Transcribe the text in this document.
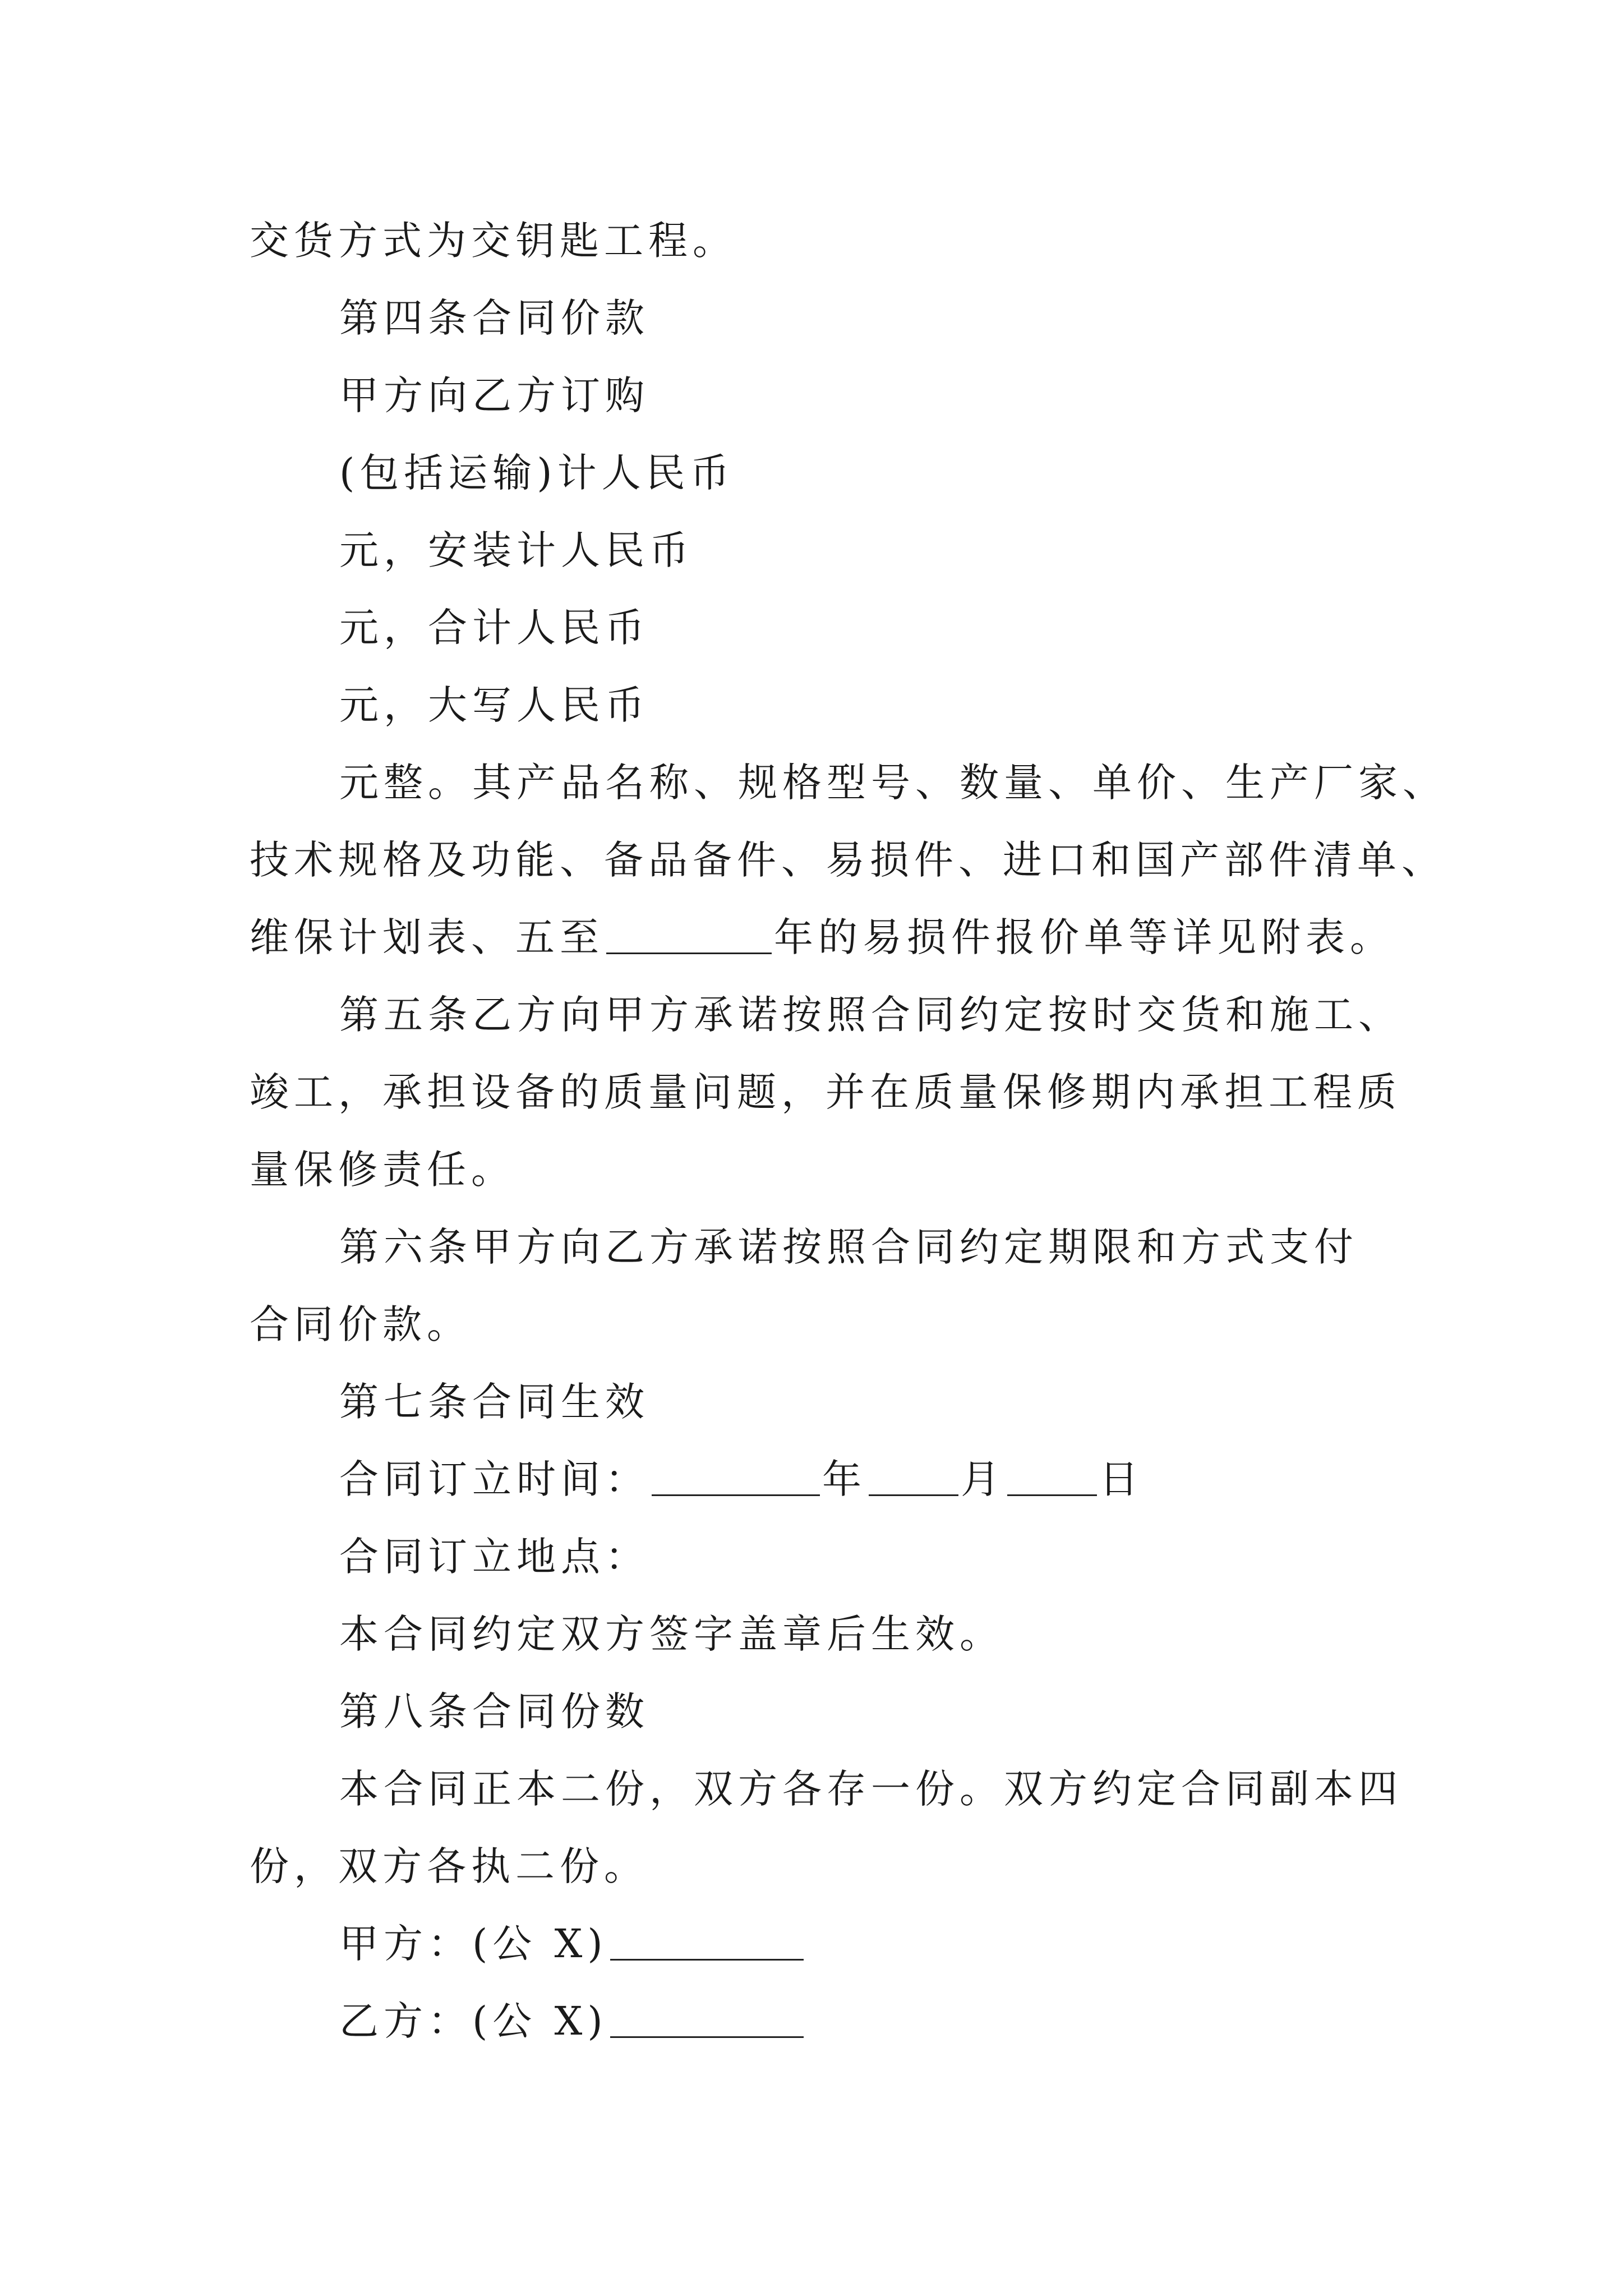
交货方式为交钥匙工程。
第四条合同价款
甲方向乙方订购
(包括运输)计人民币
元，安装计人民币
元，合计人民币
元，大写人民币
元整。其产品名称、规格型号、数量、单价、生产厂家、
技术规格及功能、备品备件、易损件、进口和国产部件清单、
维保计划表、五至	年的易损件报价单等详见附表。
第五条乙方向甲方承诺按照合同约定按时交货和施工、
竣工，承担设备的质量问题，并在质量保修期内承担工程质
量保修责任。
第六条甲方向乙方承诺按照合同约定期限和方式支付
合同价款。
第七条合同生效
合同订立时间：	年 月 日
合同订立地点：
本合同约定双方签字盖章后生效。
第八条合同份数
本合同正本二份，双方各存一份。双方约定合同副本四
份，双方各执二份。
甲方：(公 X)
乙方：(公 X)
